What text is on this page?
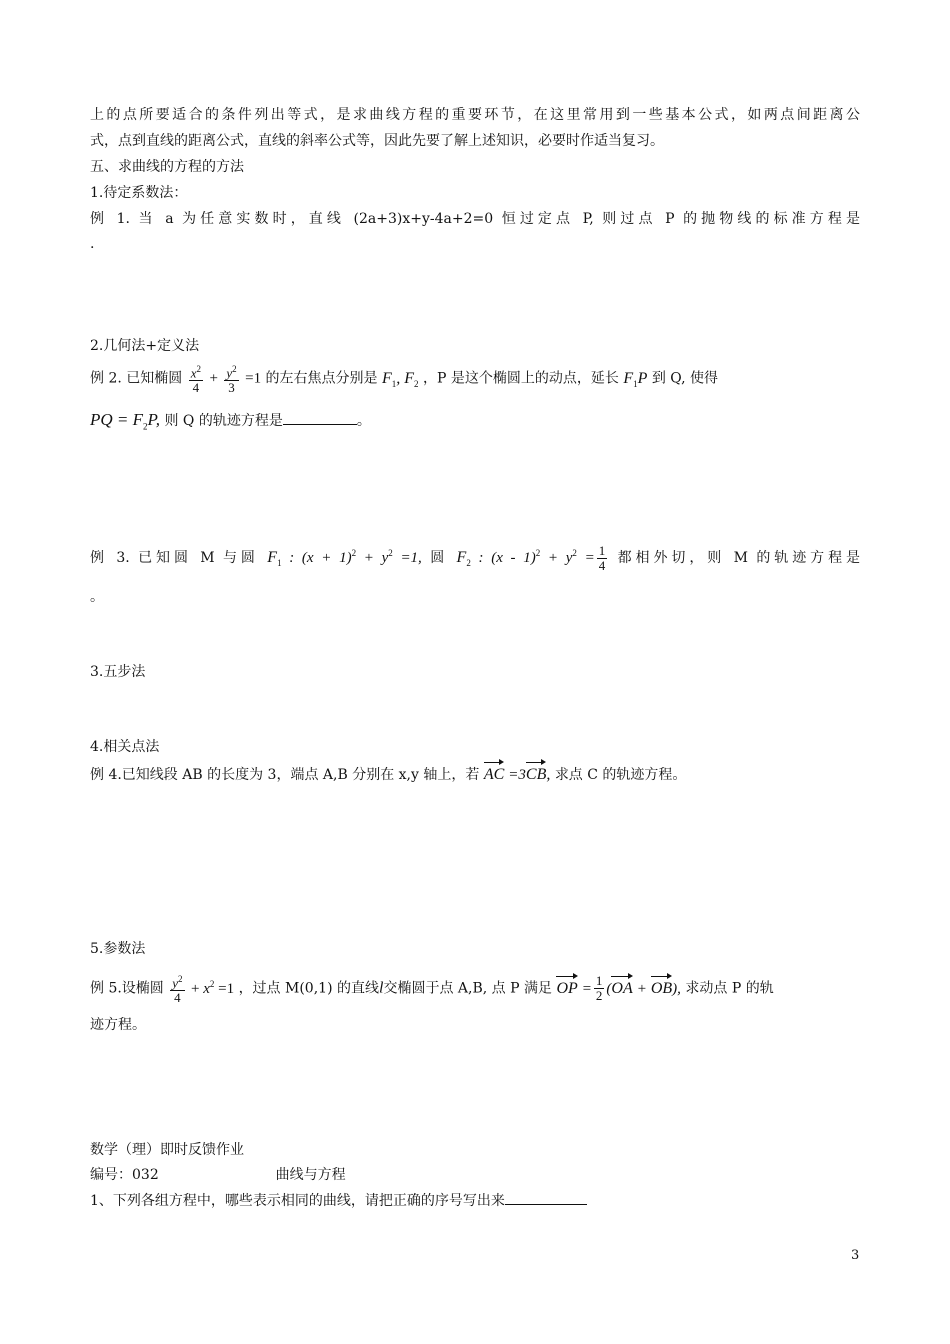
上的点所要适合的条件列出等式，是求曲线方程的重要环节，在这里常用到一些基本公式，如两点间距离公
式，点到直线的距离公式，直线的斜率公式等，因此先要了解上述知识，必要时作适当复习。
五、求曲线的方程的方法
1.待定系数法：
例 1. 当 a 为任意实数时，直线 (2a+3)x+y-4a+2=0 恒过定点 P, 则过点 P 的抛物线的标准方程是
.
2.几何法+定义法
例 2. 已知椭圆 $\frac{x^2}{4} + \frac{y^2}{3} =1$ 的左右焦点分别是 $F_1$, $F_2$ ，P 是这个椭圆上的动点，延长 $F_1P$ 到 Q, 使得
PQ = $F_2P$, 则 Q 的轨迹方程是	。
例 3. 已知圆 M 与圆 $F_1$ : $(x + 1)^2 + y^2 =1$, 圆 $F_2$ : $(x - 1)^2 + y^2 = \frac{1}{4}$ 都相外切，则 M 的轨迹方程是
。
3.五步法
4.相关点法
例 4.已知线段 AB 的长度为 3，端点 A,B 分别在 x,y 轴上，若 AC =3CB, 求点 C 的轨迹方程。
5.参数法
例 5.设椭圆 $\frac{y^2}{4} + x^2 =1$ ，过点 M(0,1) 的直线l交椭圆于点 A,B, 点 P 满足 OP = $\frac{1}{2} (OA + OB)$, 求动点 P 的轨
迹方程。
数学（理）即时反馈作业
编号：032	曲线与方程
1、下列各组方程中，哪些表示相同的曲线，请把正确的序号写出来
3
